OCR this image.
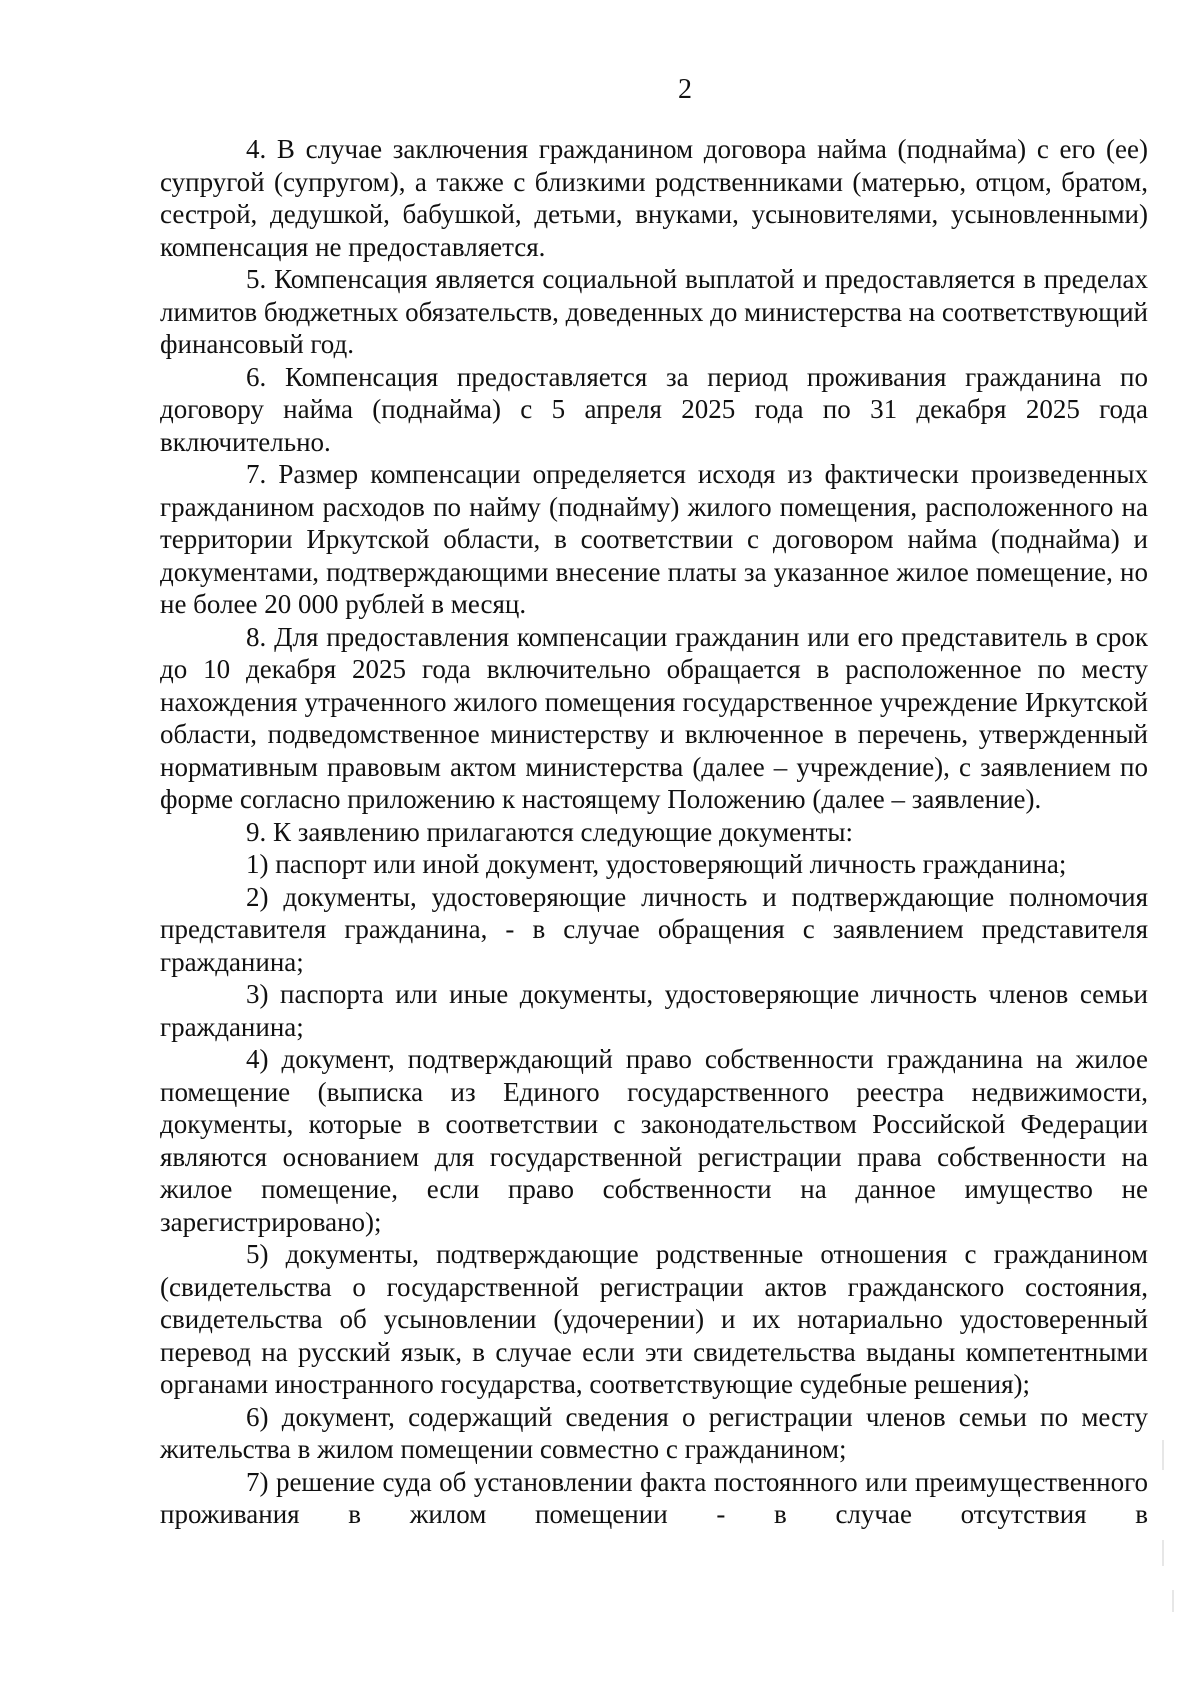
2

4. В случае заключения гражданином договора найма (поднайма) с его (ее) супругой (супругом), а также с близкими родственниками (матерью, отцом, братом, сестрой, дедушкой, бабушкой, детьми, внуками, усыновителями, усыновленными) компенсация не предоставляется.

5. Компенсация является социальной выплатой и предоставляется в пределах лимитов бюджетных обязательств, доведенных до министерства на соответствующий финансовый год.

6. Компенсация предоставляется за период проживания гражданина по договору найма (поднайма) с 5 апреля 2025 года по 31 декабря 2025 года включительно.

7. Размер компенсации определяется исходя из фактически произведенных гражданином расходов по найму (поднайму) жилого помещения, расположенного на территории Иркутской области, в соответствии с договором найма (поднайма) и документами, подтверждающими внесение платы за указанное жилое помещение, но не более 20 000 рублей в месяц.

8. Для предоставления компенсации гражданин или его представитель в срок до 10 декабря 2025 года включительно обращается в расположенное по месту нахождения утраченного жилого помещения государственное учреждение Иркутской области, подведомственное министерству и включенное в перечень, утвержденный нормативным правовым актом министерства (далее – учреждение), с заявлением по форме согласно приложению к настоящему Положению (далее – заявление).

9. К заявлению прилагаются следующие документы:

1) паспорт или иной документ, удостоверяющий личность гражданина;

2) документы, удостоверяющие личность и подтверждающие полномочия представителя гражданина, - в случае обращения с заявлением представителя гражданина;

3) паспорта или иные документы, удостоверяющие личность членов семьи гражданина;

4) документ, подтверждающий право собственности гражданина на жилое помещение (выписка из Единого государственного реестра недвижимости, документы, которые в соответствии с законодательством Российской Федерации являются основанием для государственной регистрации права собственности на жилое помещение, если право собственности на данное имущество не зарегистрировано);

5) документы, подтверждающие родственные отношения с гражданином (свидетельства о государственной регистрации актов гражданского состояния, свидетельства об усыновлении (удочерении) и их нотариально удостоверенный перевод на русский язык, в случае если эти свидетельства выданы компетентными органами иностранного государства, соответствующие судебные решения);

6) документ, содержащий сведения о регистрации членов семьи по месту жительства в жилом помещении совместно с гражданином;

7) решение суда об установлении факта постоянного или преимущественного проживания в жилом помещении - в случае отсутствия в
